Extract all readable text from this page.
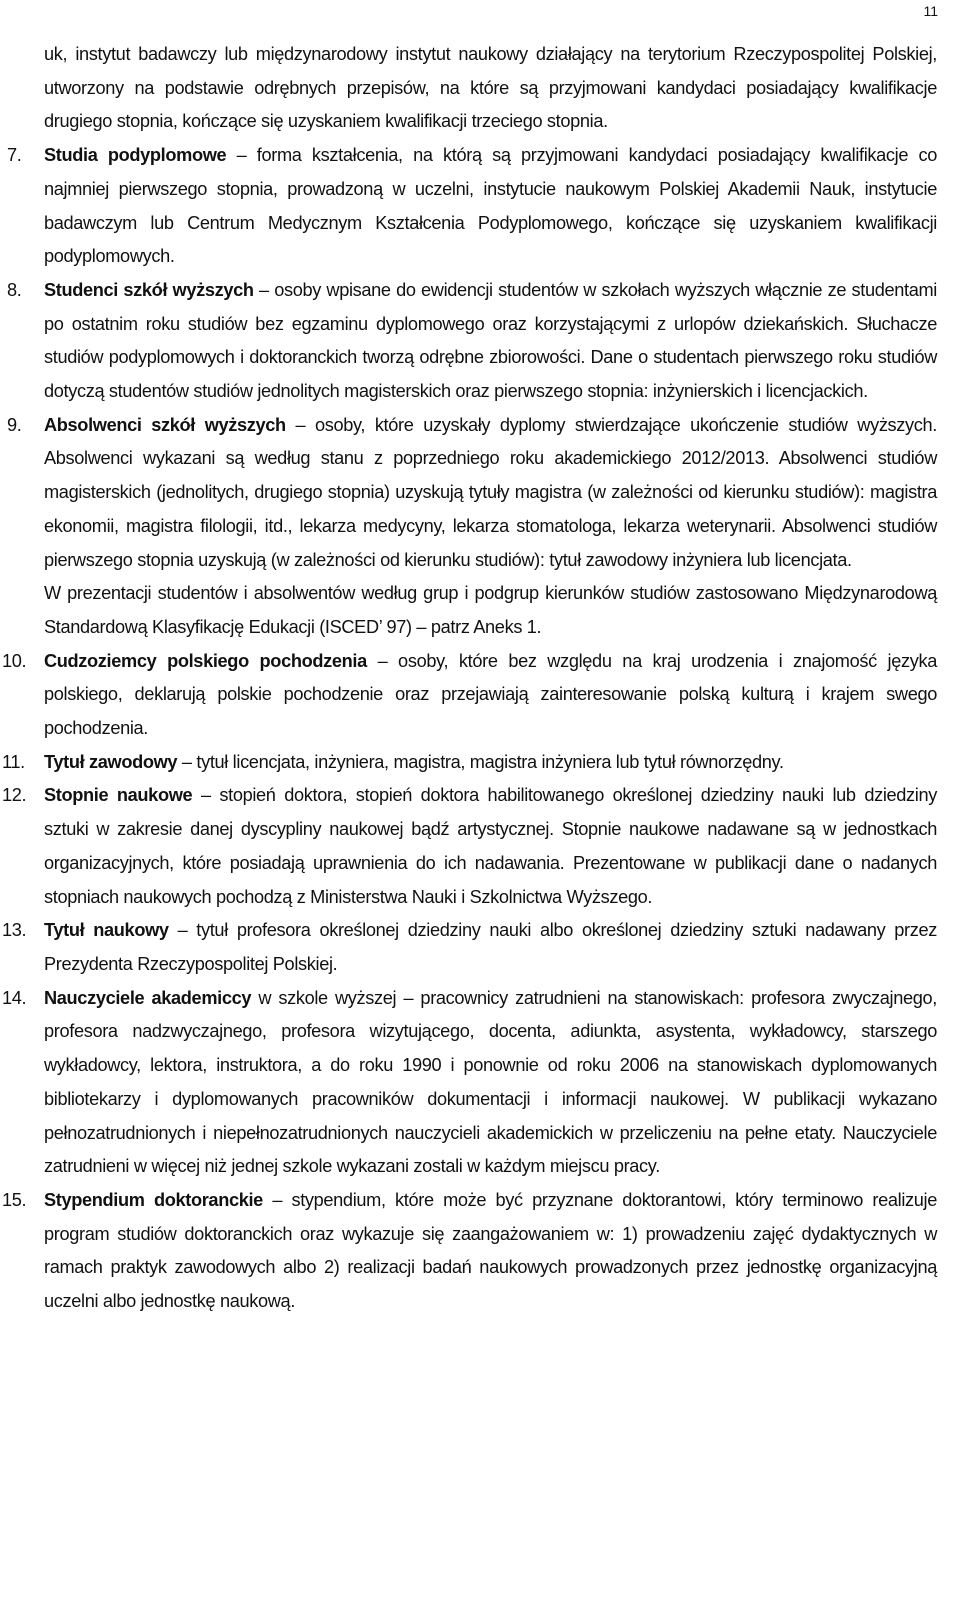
11

uk, instytut badawczy lub międzynarodowy instytut naukowy działający na terytorium Rzeczypospolitej Polskiej, utworzony na podstawie odrębnych przepisów, na które są przyjmowani kandydaci posiadający kwalifikacje drugiego stopnia, kończące się uzyskaniem kwalifikacji trzeciego stopnia.

7. Studia podyplomowe – forma kształcenia, na którą są przyjmowani kandydaci posiadający kwalifikacje co najmniej pierwszego stopnia, prowadzoną w uczelni, instytucie naukowym Polskiej Akademii Nauk, instytucie badawczym lub Centrum Medycznym Kształcenia Podyplomowego, kończące się uzyskaniem kwalifikacji podyplomowych.
8. Studenci szkół wyższych – osoby wpisane do ewidencji studentów w szkołach wyższych włącznie ze studentami po ostatnim roku studiów bez egzaminu dyplomowego oraz korzystającymi z urlopów dziekańskich. Słuchacze studiów podyplomowych i doktoranckich tworzą odrębne zbiorowości. Dane o studentach pierwszego roku studiów dotyczą studentów studiów jednolitych magisterskich oraz pierwszego stopnia: inżynierskich i licencjackich.
9. Absolwenci szkół wyższych – osoby, które uzyskały dyplomy stwierdzające ukończenie studiów wyższych. Absolwenci wykazani są według stanu z poprzedniego roku akademickiego 2012/2013. Absolwenci studiów magisterskich (jednolitych, drugiego stopnia) uzyskują tytuły magistra (w zależności od kierunku studiów): magistra ekonomii, magistra filologii, itd., lekarza medycyny, lekarza stomatologa, lekarza weterynarii. Absolwenci studiów pierwszego stopnia uzyskują (w zależności od kierunku studiów): tytuł zawodowy inżyniera lub licencjata.

W prezentacji studentów i absolwentów według grup i podgrup kierunków studiów zastosowano Międzynarodową Standardową Klasyfikację Edukacji (ISCED’ 97) – patrz Aneks 1.

10. Cudzoziemcy polskiego pochodzenia – osoby, które bez względu na kraj urodzenia i znajomość języka polskiego, deklarują polskie pochodzenie oraz przejawiają zainteresowanie polską kulturą i krajem swego pochodzenia.
11. Tytuł zawodowy – tytuł licencjata, inżyniera, magistra, magistra inżyniera lub tytuł równorzędny.
12. Stopnie naukowe – stopień doktora, stopień doktora habilitowanego określonej dziedziny nauki lub dziedziny sztuki w zakresie danej dyscypliny naukowej bądź artystycznej. Stopnie naukowe nadawane są w jednostkach organizacyjnych, które posiadają uprawnienia do ich nadawania. Prezentowane w publikacji dane o nadanych stopniach naukowych pochodzą z Ministerstwa Nauki i Szkolnictwa Wyższego.
13. Tytuł naukowy – tytuł profesora określonej dziedziny nauki albo określonej dziedziny sztuki nadawany przez Prezydenta Rzeczypospolitej Polskiej.
14. Nauczyciele akademiccy w szkole wyższej – pracownicy zatrudnieni na stanowiskach: profesora zwyczajnego, profesora nadzwyczajnego, profesora wizytującego, docenta, adiunkta, asystenta, wykładowcy, starszego wykładowcy, lektora, instruktora, a do roku 1990 i ponownie od roku 2006 na stanowiskach dyplomowanych bibliotekarzy i dyplomowanych pracowników dokumentacji i informacji naukowej. W publikacji wykazano pełnozatrudnionych i niepełnozatrudnionych nauczycieli akademickich w przeliczeniu na pełne etaty. Nauczyciele zatrudnieni w więcej niż jednej szkole wykazani zostali w każdym miejscu pracy.
15. Stypendium doktoranckie – stypendium, które może być przyznane doktorantowi, który terminowo realizuje program studiów doktoranckich oraz wykazuje się zaangażowaniem w: 1) prowadzeniu zajęć dydaktycznych w ramach praktyk zawodowych albo 2) realizacji badań naukowych prowadzonych przez jednostkę organizacyjną uczelni albo jednostkę naukową.
